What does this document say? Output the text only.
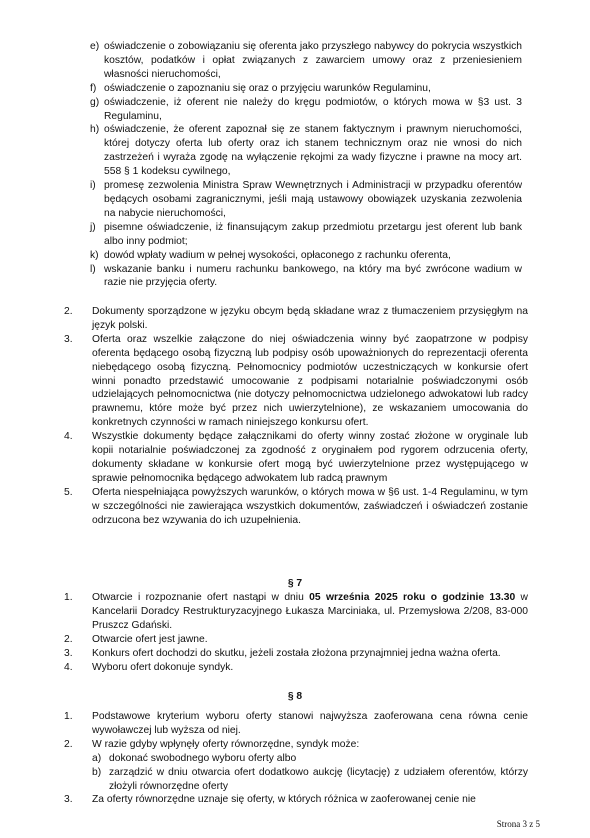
e) oświadczenie o zobowiązaniu się oferenta jako przyszłego nabywcy do pokrycia wszystkich kosztów, podatków i opłat związanych z zawarciem umowy oraz z przeniesieniem własności nieruchomości,
f) oświadczenie o zapoznaniu się oraz o przyjęciu warunków Regulaminu,
g) oświadczenie, iż oferent nie należy do kręgu podmiotów, o których mowa w §3 ust. 3 Regulaminu,
h) oświadczenie, że oferent zapoznał się ze stanem faktycznym i prawnym nieruchomości, której dotyczy oferta lub oferty oraz ich stanem technicznym oraz nie wnosi do nich zastrzeżeń i wyraża zgodę na wyłączenie rękojmi za wady fizyczne i prawne na mocy art. 558 § 1 kodeksu cywilnego,
i) promesę zezwolenia Ministra Spraw Wewnętrznych i Administracji w przypadku oferentów będących osobami zagranicznymi, jeśli mają ustawowy obowiązek uzyskania zezwolenia na nabycie nieruchomości,
j) pisemne oświadczenie, iż finansującym zakup przedmiotu przetargu jest oferent lub bank albo inny podmiot;
k) dowód wpłaty wadium w pełnej wysokości, opłaconego z rachunku oferenta,
l) wskazanie banku i numeru rachunku bankowego, na który ma być zwrócone wadium w razie nie przyjęcia oferty.
2. Dokumenty sporządzone w języku obcym będą składane wraz z tłumaczeniem przysięgłym na język polski.
3. Oferta oraz wszelkie załączone do niej oświadczenia winny być zaopatrzone w podpisy oferenta będącego osobą fizyczną lub podpisy osób upoważnionych do reprezentacji oferenta niebędącego osobą fizyczną. Pełnomocnicy podmiotów uczestniczących w konkursie ofert winni ponadto przedstawić umocowanie z podpisami notarialnie poświadczonymi osób udzielających pełnomocnictwa (nie dotyczy pełnomocnictwa udzielonego adwokatowi lub radcy prawnemu, które może być przez nich uwierzytelnione), ze wskazaniem umocowania do konkretnych czynności w ramach niniejszego konkursu ofert.
4. Wszystkie dokumenty będące załącznikami do oferty winny zostać złożone w oryginale lub kopii notarialnie poświadczonej za zgodność z oryginałem pod rygorem odrzucenia oferty, dokumenty składane w konkursie ofert mogą być uwierzytelnione przez występującego w sprawie pełnomocnika będącego adwokatem lub radcą prawnym
5. Oferta niespełniająca powyższych warunków, o których mowa w §6 ust. 1-4 Regulaminu, w tym w szczególności nie zawierająca wszystkich dokumentów, zaświadczeń i oświadczeń zostanie odrzucona bez wzywania do ich uzupełnienia.
§ 7
1. Otwarcie i rozpoznanie ofert nastąpi w dniu 05 września 2025 roku o godzinie 13.30 w Kancelarii Doradcy Restrukturyzacyjnego Łukasza Marciniaka, ul. Przemysłowa 2/208, 83-000 Pruszcz Gdański.
2. Otwarcie ofert jest jawne.
3. Konkurs ofert dochodzi do skutku, jeżeli została złożona przynajmniej jedna ważna oferta.
4. Wyboru ofert dokonuje syndyk.
§ 8
1. Podstawowe kryterium wyboru oferty stanowi najwyższa zaoferowana cena równa cenie wywoławczej lub wyższa od niej.
2. W razie gdyby wpłynęły oferty równorzędne, syndyk może:
a) dokonać swobodnego wyboru oferty albo
b) zarządzić w dniu otwarcia ofert dodatkowo aukcję (licytację) z udziałem oferentów, którzy złożyli równorzędne oferty
3. Za oferty równorzędne uznaje się oferty, w których różnica w zaoferowanej cenie nie
Strona 3 z 5
